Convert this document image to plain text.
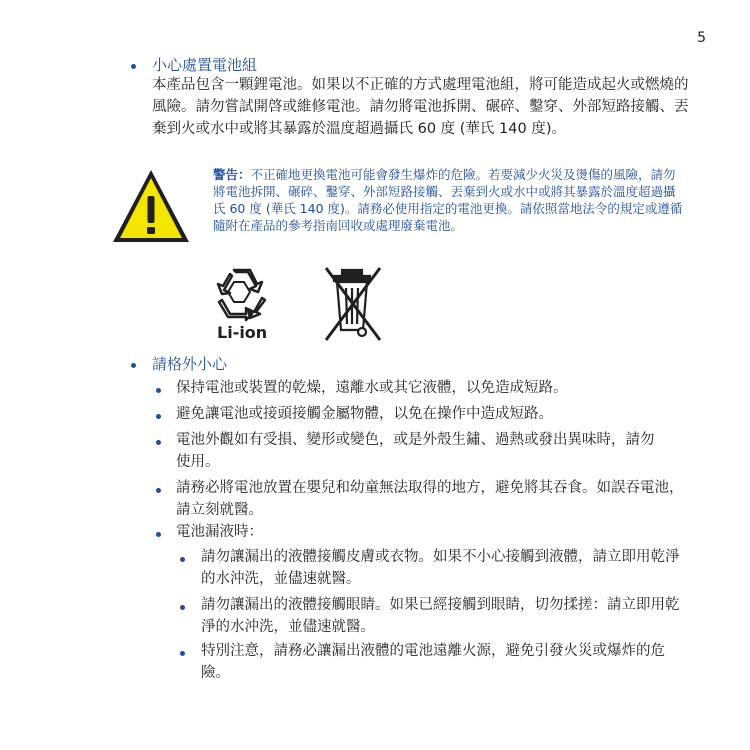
5
小心處置電池組
本產品包含一顆鋰電池。如果以不正確的方式處理電池組，將可能造成起火或燃燒的風險。請勿嘗試開啓或維修電池。請勿將電池拆開、碾碎、鑿穿、外部短路接觸、丟棄到火或水中或將其暴露於溫度超過攝氏 60 度 (華氏 140 度)。
警告：不正確地更換電池可能會發生爆炸的危險。若要減少火災及燙傷的風險，請勿將電池拆開、碾碎、鑿穿、外部短路接觸、丟棄到火或水中或將其暴露於溫度超過攝氏 60 度 (華氏 140 度)。請務必使用指定的電池更換。請依照當地法令的規定或遵循隨附在產品的參考指南回收或處理廢棄電池。
Li-ion
請格外小心
保持電池或裝置的乾燥，遠離水或其它液體，以免造成短路。
避免讓電池或接頭接觸金屬物體，以免在操作中造成短路。
電池外觀如有受損、變形或變色，或是外殼生鏽、過熱或發出異味時，請勿使用。
請務必將電池放置在嬰兒和幼童無法取得的地方，避免將其吞食。如誤吞電池，請立刻就醫。
電池漏液時：
請勿讓漏出的液體接觸皮膚或衣物。如果不小心接觸到液體，請立即用乾淨的水沖洗，並儘速就醫。
請勿讓漏出的液體接觸眼睛。如果已經接觸到眼睛，切勿揉搓：請立即用乾淨的水沖洗，並儘速就醫。
特別注意，請務必讓漏出液體的電池遠離火源，避免引發火災或爆炸的危險。
